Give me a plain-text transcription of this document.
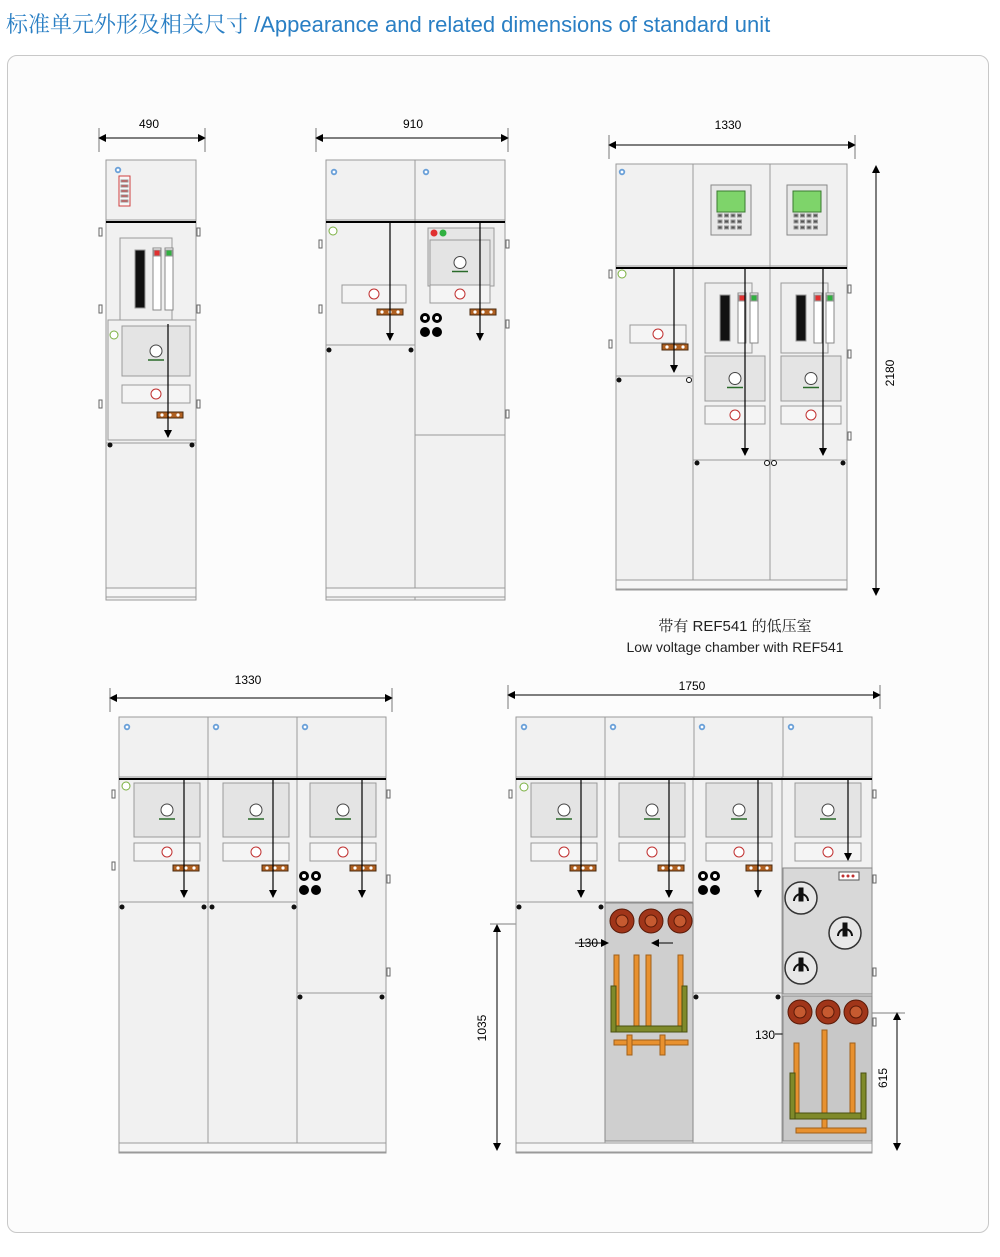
标准单元外形及相关尺寸 /Appearance and related dimensions of standard unit
490	910	1330
2180
1330	1750
130
130
1035
615
带有 REF541 的低压室
Low voltage chamber with REF541
